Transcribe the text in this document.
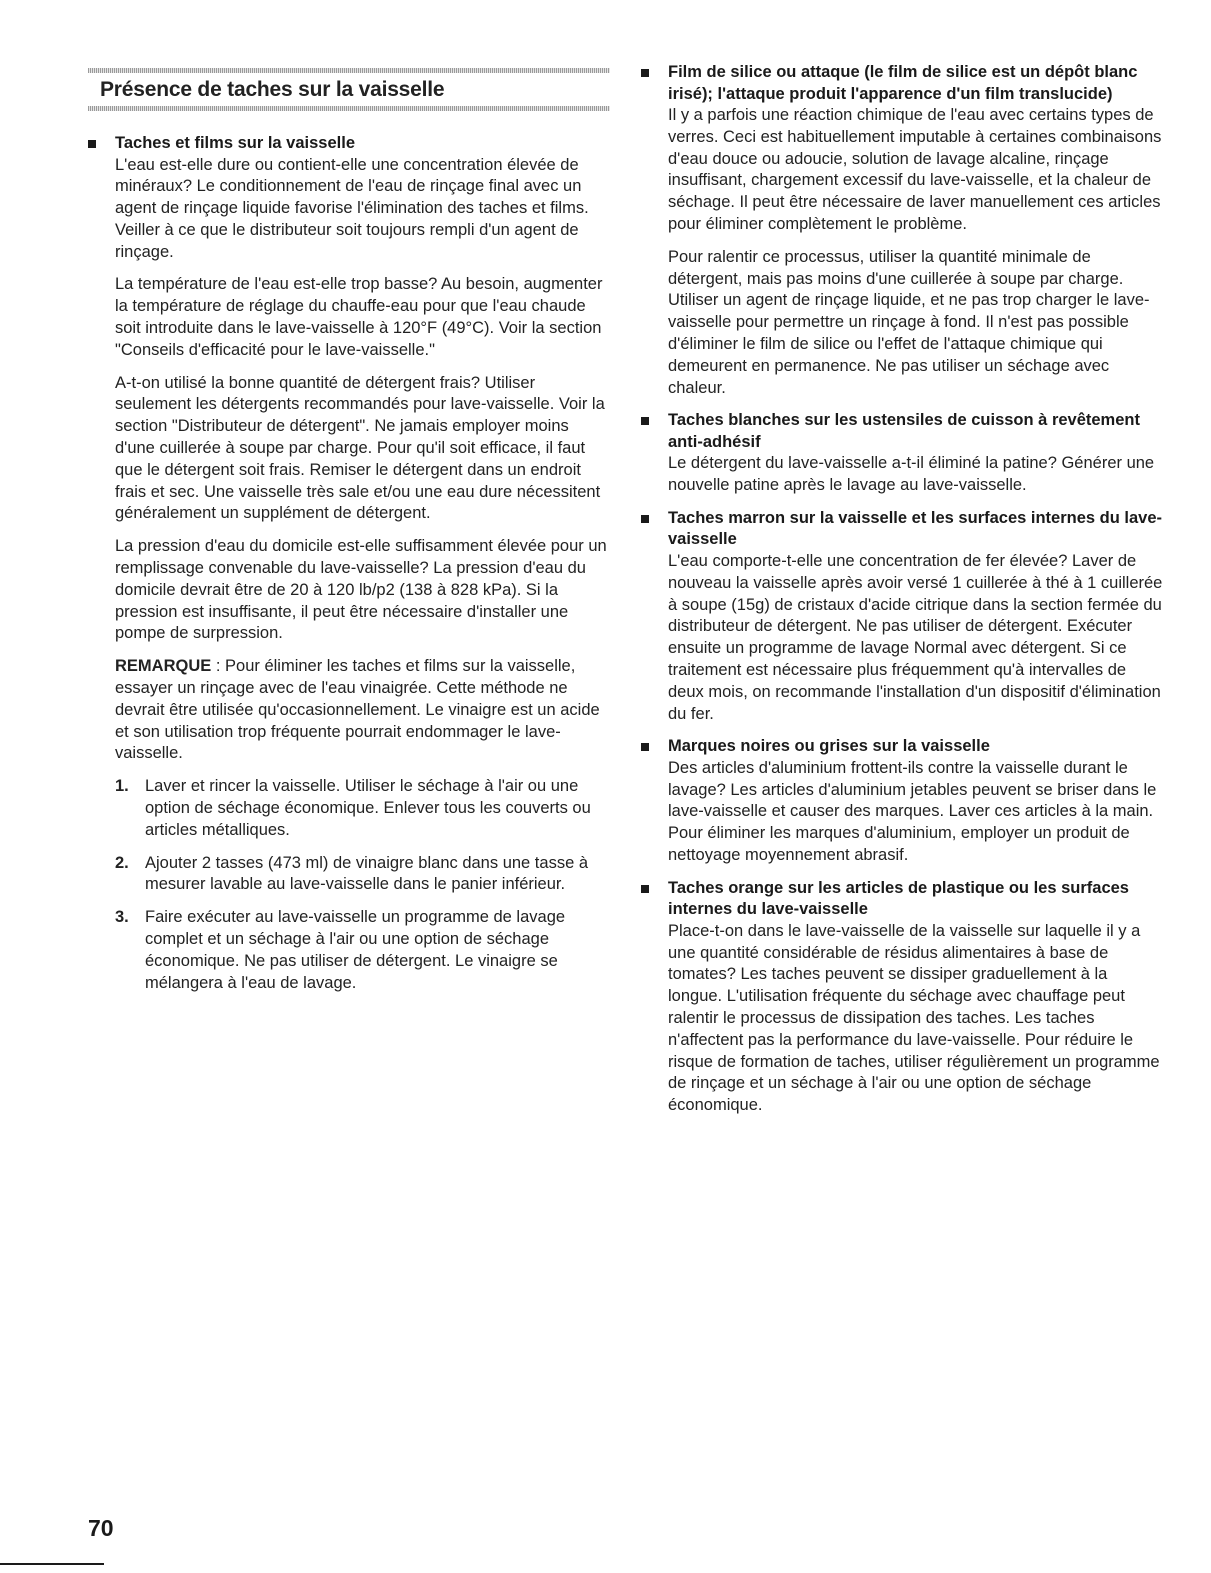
Présence de taches sur la vaisselle

Taches et films sur la vaisselle

L'eau est-elle dure ou contient-elle une concentration élevée de minéraux? Le conditionnement de l'eau de rinçage final avec un agent de rinçage liquide favorise l'élimination des taches et films. Veiller à ce que le distributeur soit toujours rempli d'un agent de rinçage.

La température de l'eau est-elle trop basse? Au besoin, augmenter la température de réglage du chauffe-eau pour que l'eau chaude soit introduite dans le lave-vaisselle à 120°F (49°C). Voir la section "Conseils d'efficacité pour le lave-vaisselle."

A-t-on utilisé la bonne quantité de détergent frais? Utiliser seulement les détergents recommandés pour lave-vaisselle. Voir la section "Distributeur de détergent". Ne jamais employer moins d'une cuillerée à soupe par charge. Pour qu'il soit efficace, il faut que le détergent soit frais. Remiser le détergent dans un endroit frais et sec. Une vaisselle très sale et/ou une eau dure nécessitent généralement un supplément de détergent.

La pression d'eau du domicile est-elle suffisamment élevée pour un remplissage convenable du lave-vaisselle? La pression d'eau du domicile devrait être de 20 à 120 lb/p2 (138 à 828 kPa). Si la pression est insuffisante, il peut être nécessaire d'installer une pompe de surpression.

REMARQUE : Pour éliminer les taches et films sur la vaisselle, essayer un rinçage avec de l'eau vinaigrée. Cette méthode ne devrait être utilisée qu'occasionnellement. Le vinaigre est un acide et son utilisation trop fréquente pourrait endommager le lave-vaisselle.

1. Laver et rincer la vaisselle. Utiliser le séchage à l'air ou une option de séchage économique. Enlever tous les couverts ou articles métalliques.
2. Ajouter 2 tasses (473 ml) de vinaigre blanc dans une tasse à mesurer lavable au lave-vaisselle dans le panier inférieur.
3. Faire exécuter au lave-vaisselle un programme de lavage complet et un séchage à l'air ou une option de séchage économique. Ne pas utiliser de détergent. Le vinaigre se mélangera à l'eau de lavage.

Film de silice ou attaque (le film de silice est un dépôt blanc irisé); l'attaque produit l'apparence d'un film translucide)

Il y a parfois une réaction chimique de l'eau avec certains types de verres. Ceci est habituellement imputable à certaines combinaisons d'eau douce ou adoucie, solution de lavage alcaline, rinçage insuffisant, chargement excessif du lave-vaisselle, et la chaleur de séchage. Il peut être nécessaire de laver manuellement ces articles pour éliminer complètement le problème.

Pour ralentir ce processus, utiliser la quantité minimale de détergent, mais pas moins d'une cuillerée à soupe par charge. Utiliser un agent de rinçage liquide, et ne pas trop charger le lave-vaisselle pour permettre un rinçage à fond. Il n'est pas possible d'éliminer le film de silice ou l'effet de l'attaque chimique qui demeurent en permanence. Ne pas utiliser un séchage avec chaleur.

Taches blanches sur les ustensiles de cuisson à revêtement anti-adhésif

Le détergent du lave-vaisselle a-t-il éliminé la patine? Générer une nouvelle patine après le lavage au lave-vaisselle.

Taches marron sur la vaisselle et les surfaces internes du lave-vaisselle

L'eau comporte-t-elle une concentration de fer élevée? Laver de nouveau la vaisselle après avoir versé 1 cuillerée à thé à 1 cuillerée à soupe (15g) de cristaux d'acide citrique dans la section fermée du distributeur de détergent. Ne pas utiliser de détergent. Exécuter ensuite un programme de lavage Normal avec détergent. Si ce traitement est nécessaire plus fréquemment qu'à intervalles de deux mois, on recommande l'installation d'un dispositif d'élimination du fer.

Marques noires ou grises sur la vaisselle

Des articles d'aluminium frottent-ils contre la vaisselle durant le lavage? Les articles d'aluminium jetables peuvent se briser dans le lave-vaisselle et causer des marques. Laver ces articles à la main. Pour éliminer les marques d'aluminium, employer un produit de nettoyage moyennement abrasif.

Taches orange sur les articles de plastique ou les surfaces internes du lave-vaisselle

Place-t-on dans le lave-vaisselle de la vaisselle sur laquelle il y a une quantité considérable de résidus alimentaires à base de tomates? Les taches peuvent se dissiper graduellement à la longue. L'utilisation fréquente du séchage avec chauffage peut ralentir le processus de dissipation des taches. Les taches n'affectent pas la performance du lave-vaisselle. Pour réduire le risque de formation de taches, utiliser régulièrement un programme de rinçage et un séchage à l'air ou une option de séchage économique.

70
